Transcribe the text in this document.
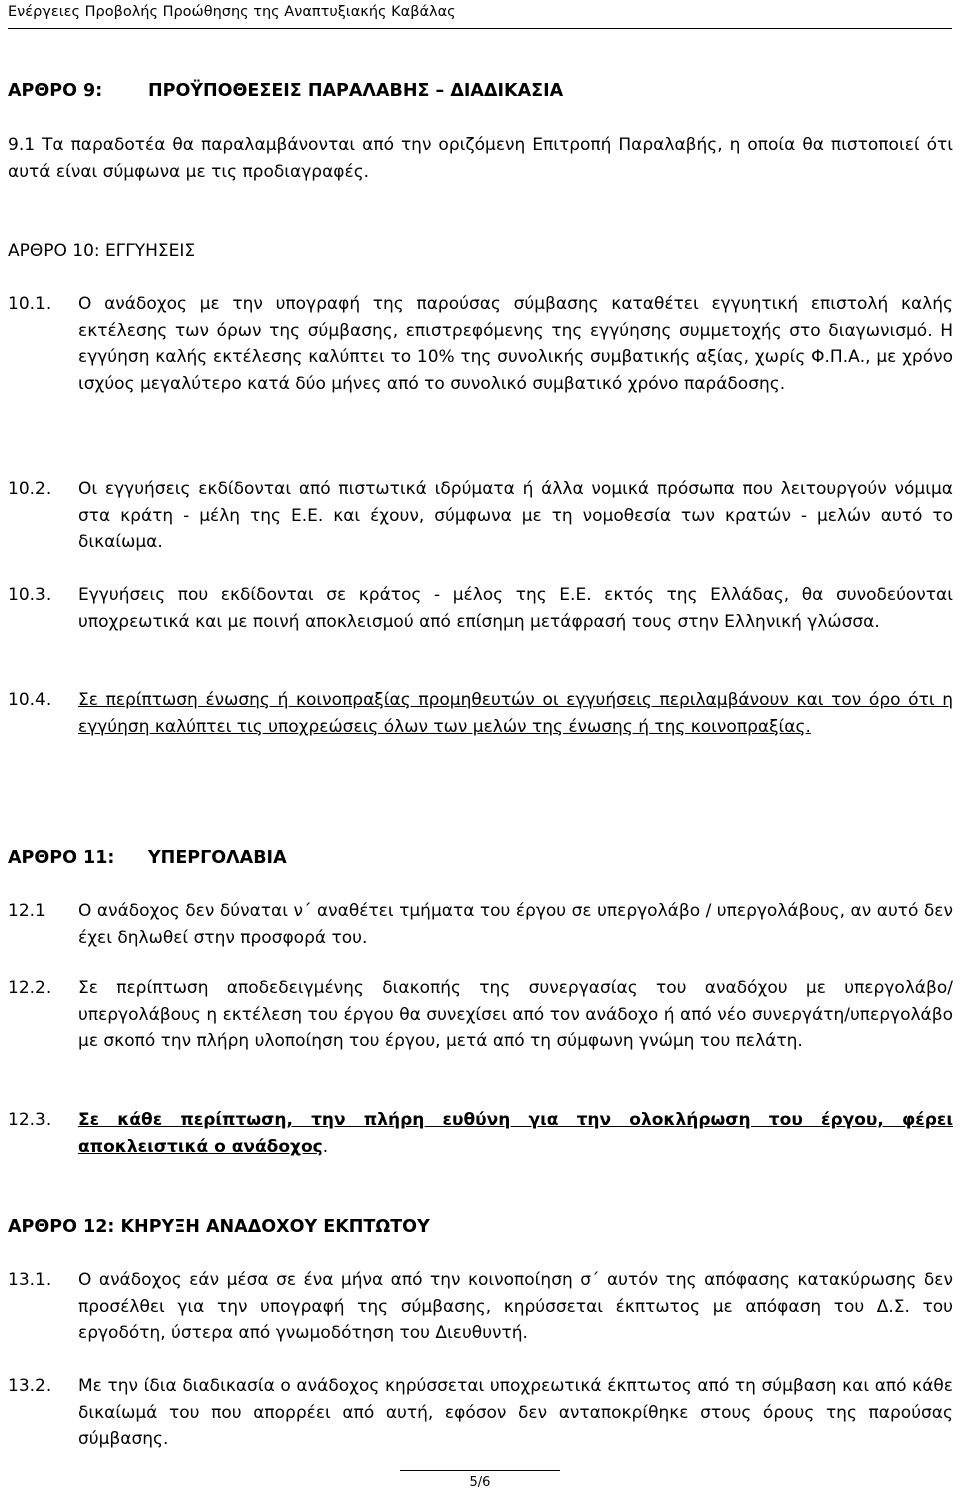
Ενέργειες Προβολής Προώθησης της Αναπτυξιακής Καβάλας
ΑΡΘΡΟ 9:	ΠΡΟΫΠΟΘΕΣΕΙΣ ΠΑΡΑΛΑΒΗΣ – ΔΙΑΔΙΚΑΣΙΑ
9.1 Τα παραδοτέα θα παραλαμβάνονται από την οριζόμενη Επιτροπή Παραλαβής, η οποία θα πιστοποιεί ότι αυτά είναι σύμφωνα με τις προδιαγραφές.
ΑΡΘΡΟ 10: ΕΓΓΥΗΣΕΙΣ
10.1. Ο ανάδοχος με την υπογραφή της παρούσας σύμβασης καταθέτει εγγυητική επιστολή καλής εκτέλεσης των όρων της σύμβασης, επιστρεφόμενης της εγγύησης συμμετοχής στο διαγωνισμό. Η εγγύηση καλής εκτέλεσης καλύπτει το 10% της συνολικής συμβατικής αξίας, χωρίς Φ.Π.Α., με χρόνο ισχύος μεγαλύτερο κατά δύο μήνες από το συνολικό συμβατικό χρόνο παράδοσης.
10.2. Οι εγγυήσεις εκδίδονται από πιστωτικά ιδρύματα ή άλλα νομικά πρόσωπα που λειτουργούν νόμιμα στα κράτη - μέλη της Ε.Ε. και έχουν, σύμφωνα με τη νομοθεσία των κρατών - μελών αυτό το δικαίωμα.
10.3. Εγγυήσεις που εκδίδονται σε κράτος - μέλος της Ε.Ε. εκτός της Ελλάδας, θα συνοδεύονται υποχρεωτικά και με ποινή αποκλεισμού από επίσημη μετάφρασή τους στην Ελληνική γλώσσα.
10.4. Σε περίπτωση ένωσης ή κοινοπραξίας προμηθευτών οι εγγυήσεις περιλαμβάνουν και τον όρο ότι η εγγύηση καλύπτει τις υποχρεώσεις όλων των μελών της ένωσης ή της κοινοπραξίας.
ΑΡΘΡΟ 11: ΥΠΕΡΓΟΛΑΒΙΑ
12.1 Ο ανάδοχος δεν δύναται ν΄ αναθέτει τμήματα του έργου σε υπεργολάβο / υπεργολάβους, αν αυτό δεν έχει δηλωθεί στην προσφορά του.
12.2. Σε περίπτωση αποδεδειγμένης διακοπής της συνεργασίας του αναδόχου με υπεργολάβο/ υπεργολάβους η εκτέλεση του έργου θα συνεχίσει από τον ανάδοχο ή από νέο συνεργάτη/υπεργολάβο με σκοπό την πλήρη υλοποίηση του έργου, μετά από τη σύμφωνη γνώμη του πελάτη.
12.3. Σε κάθε περίπτωση, την πλήρη ευθύνη για την ολοκλήρωση του έργου, φέρει αποκλειστικά ο ανάδοχος.
ΑΡΘΡΟ 12: ΚΗΡΥΞΗ ΑΝΑΔΟΧΟΥ ΕΚΠΤΩΤΟΥ
13.1. Ο ανάδοχος εάν μέσα σε ένα μήνα από την κοινοποίηση σ΄ αυτόν της απόφασης κατακύρωσης δεν προσέλθει για την υπογραφή της σύμβασης, κηρύσσεται έκπτωτος με απόφαση του Δ.Σ. του εργοδότη, ύστερα από γνωμοδότηση του Διευθυντή.
13.2. Με την ίδια διαδικασία ο ανάδοχος κηρύσσεται υποχρεωτικά έκπτωτος από τη σύμβαση και από κάθε δικαίωμά του που απορρέει από αυτή, εφόσον δεν ανταποκρίθηκε στους όρους της παρούσας σύμβασης.
5/6
